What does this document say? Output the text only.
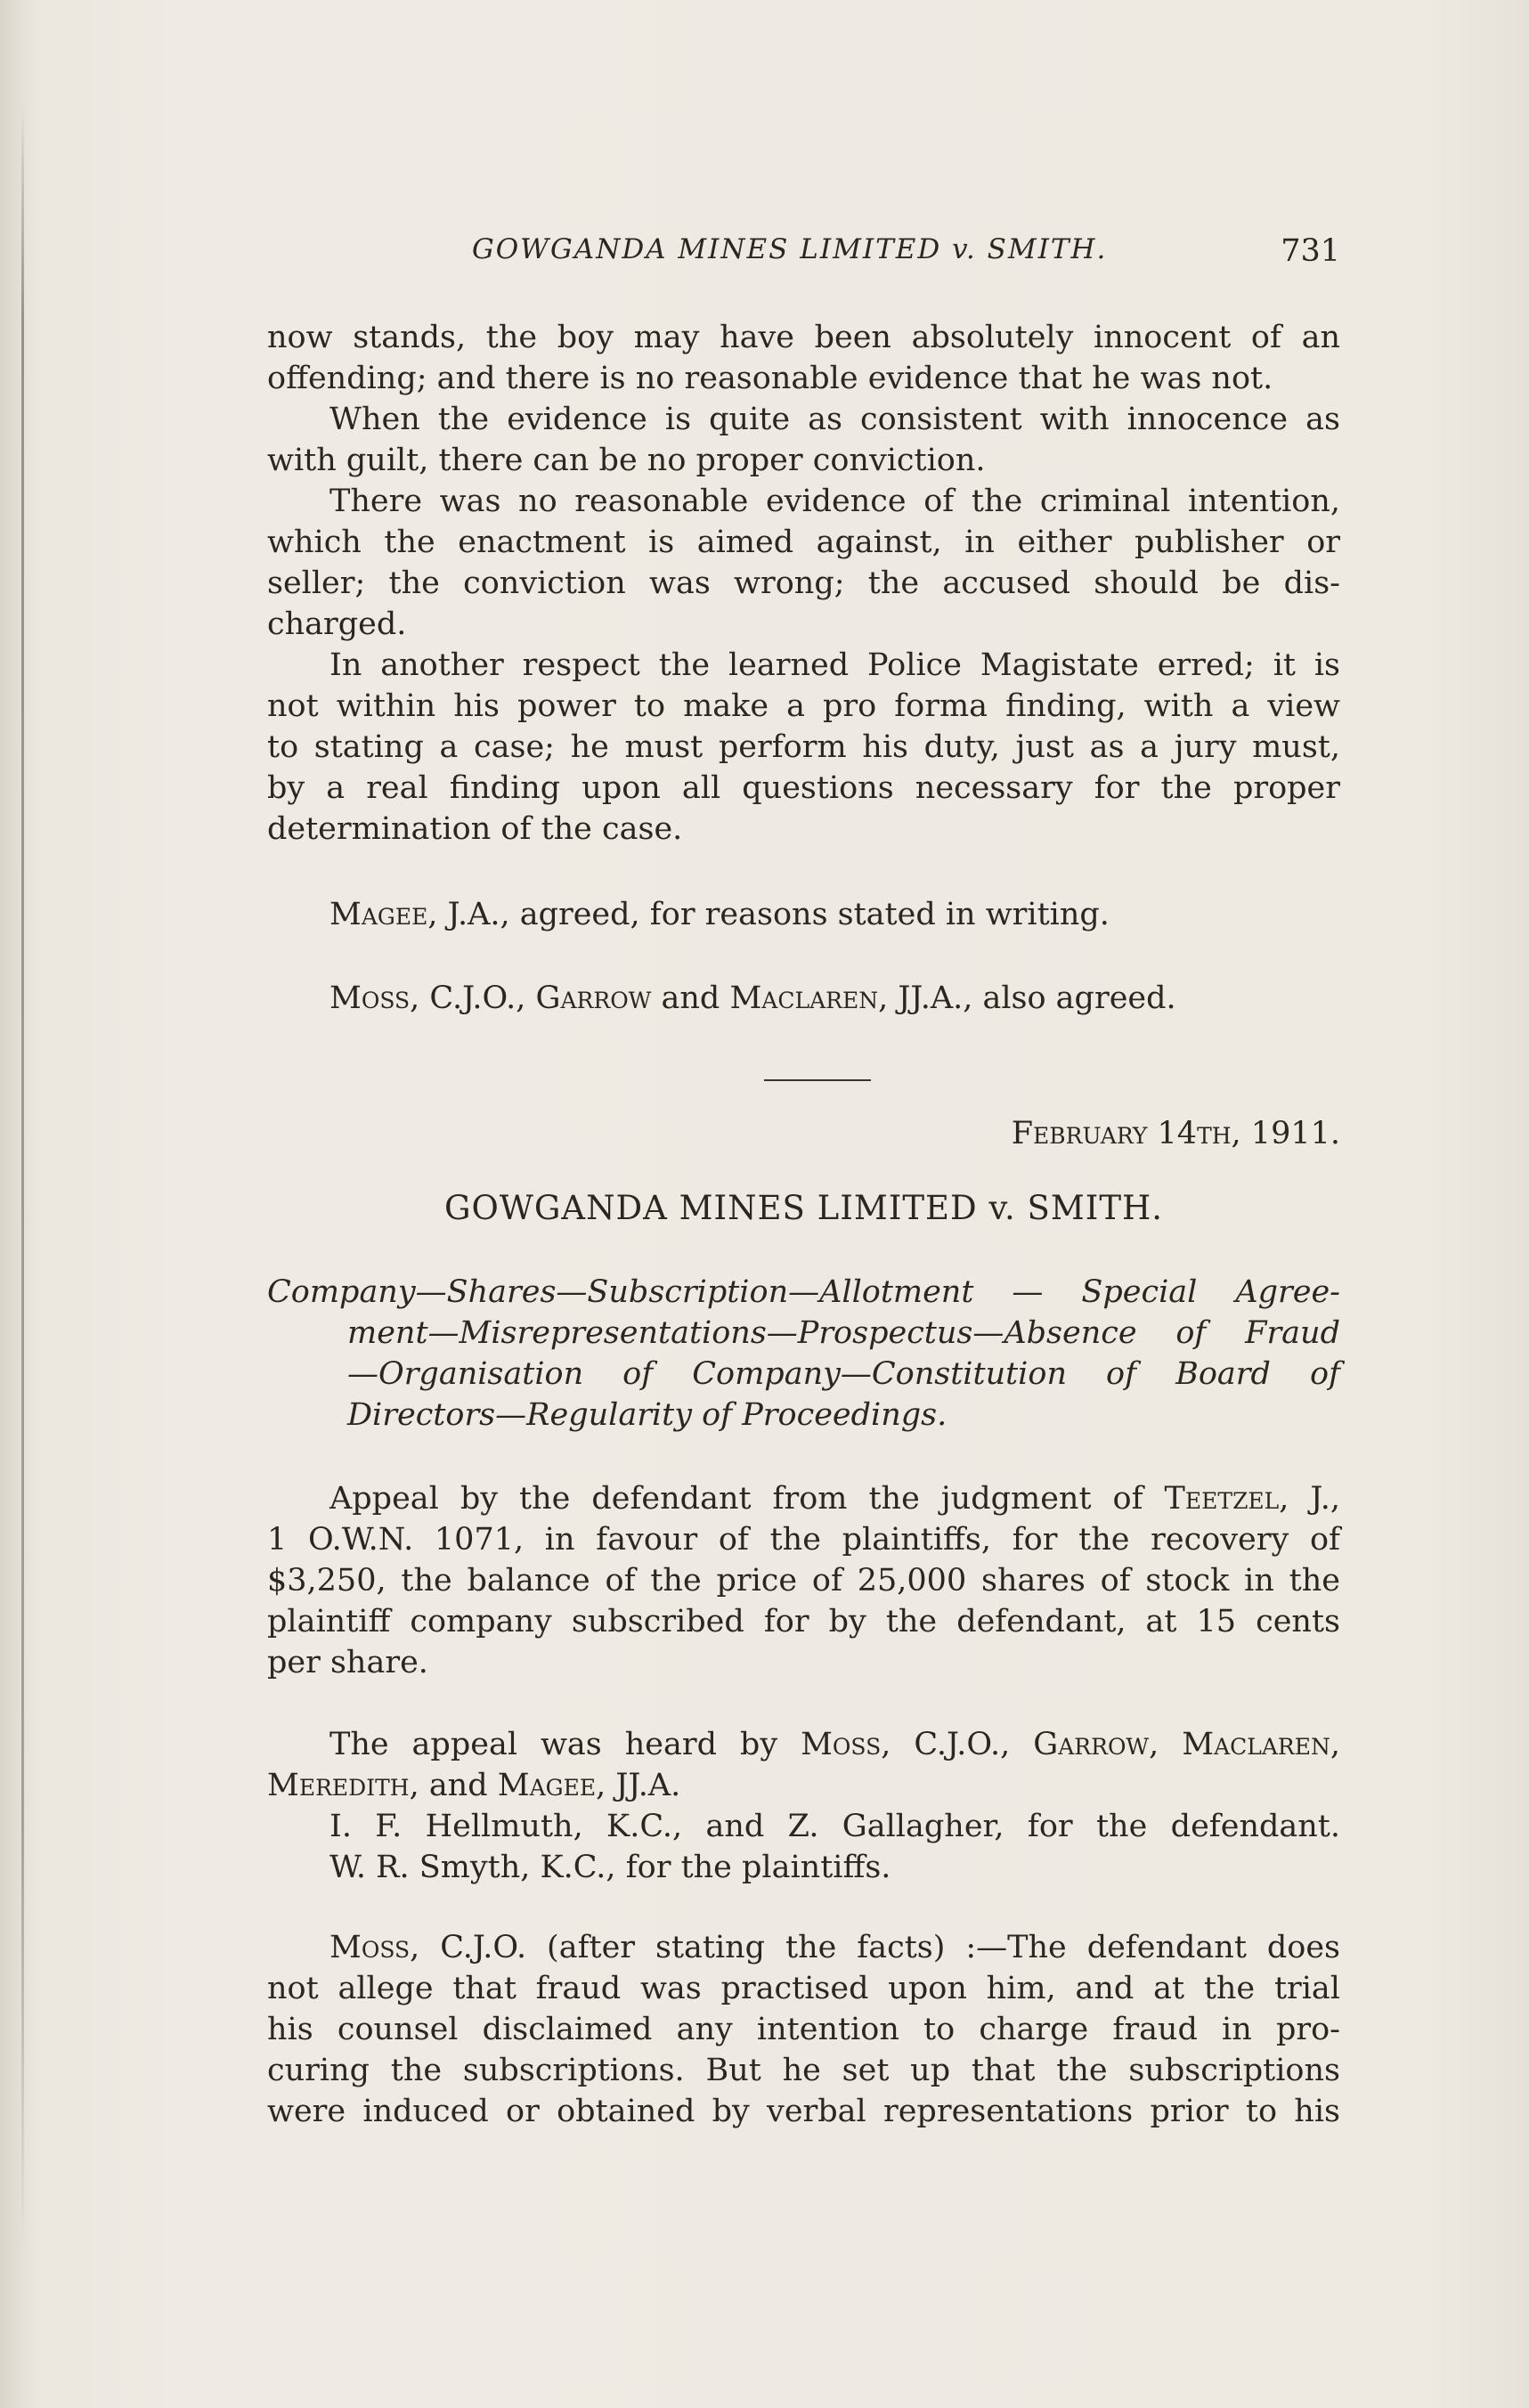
GOWGANDA MINES LIMITED v. SMITH.	731
now stands, the boy may have been absolutely innocent of an
offending; and there is no reasonable evidence that he was not.
When the evidence is quite as consistent with innocence as
with guilt, there can be no proper conviction.
There was no reasonable evidence of the criminal intention,
which the enactment is aimed against, in either publisher or
seller; the conviction was wrong; the accused should be dis-
charged.
In another respect the learned Police Magistate erred; it is
not within his power to make a pro forma finding, with a view
to stating a case; he must perform his duty, just as a jury must,
by a real finding upon all questions necessary for the proper
determination of the case.
Magee, J.A., agreed, for reasons stated in writing.
Moss, C.J.O., Garrow and Maclaren, JJ.A., also agreed.
February 14th, 1911.
GOWGANDA MINES LIMITED v. SMITH.
Company—Shares—Subscription—Allotment — Special Agree-
ment—Misrepresentations—Prospectus—Absence of Fraud
—Organisation of Company—Constitution of Board of
Directors—Regularity of Proceedings.
Appeal by the defendant from the judgment of Teetzel, J.,
1 O.W.N. 1071, in favour of the plaintiffs, for the recovery of
$3,250, the balance of the price of 25,000 shares of stock in the
plaintiff company subscribed for by the defendant, at 15 cents
per share.
The appeal was heard by Moss, C.J.O., Garrow, Maclaren,
Meredith, and Magee, JJ.A.
I. F. Hellmuth, K.C., and Z. Gallagher, for the defendant.
W. R. Smyth, K.C., for the plaintiffs.
Moss, C.J.O. (after stating the facts) :—The defendant does
not allege that fraud was practised upon him, and at the trial
his counsel disclaimed any intention to charge fraud in pro-
curing the subscriptions. But he set up that the subscriptions
were induced or obtained by verbal representations prior to his
